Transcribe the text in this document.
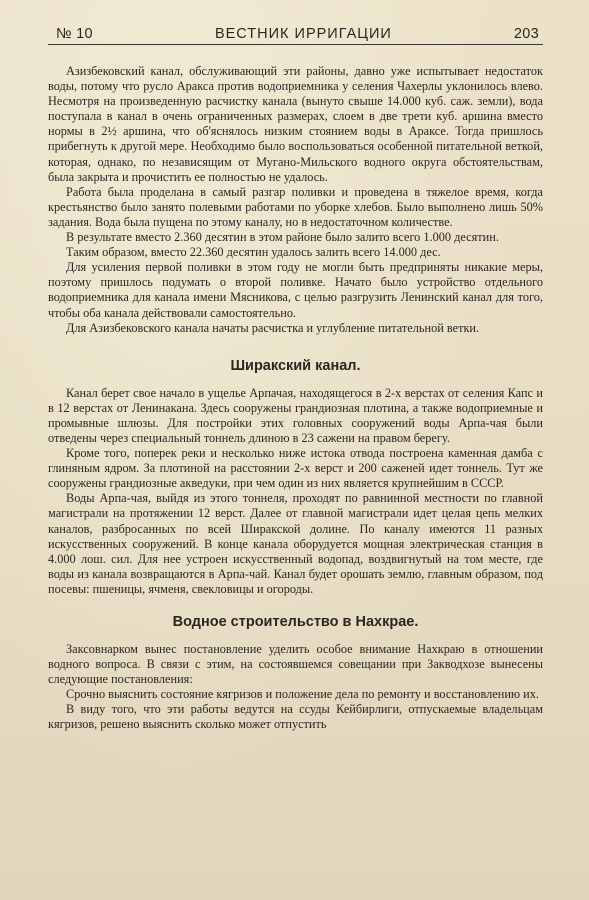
№ 10	ВЕСТНИК ИРРИГАЦИИ	203

Азизбековский канал, обслуживающий эти районы, давно уже испытывает недостаток воды, потому что русло Аракса против водоприемника у селения Чахерлы уклонилось влево. Несмотря на произведенную расчистку канала (вынуто свыше 14.000 куб. саж. земли), вода поступала в канал в очень ограниченных размерах, слоем в две трети куб. аршина вместо нормы в 2½ аршина, что об'яснялось низким стоянием воды в Араксе. Тогда пришлось прибегнуть к другой мере. Необходимо было воспользоваться особенной питательной веткой, которая, однако, по независящим от Мугано-Мильского водного округа обстоятельствам, была закрыта и прочистить ее полностью не удалось.

Работа была проделана в самый разгар поливки и проведена в тяжелое время, когда крестьянство было занято полевыми работами по уборке хлебов. Было выполнено лишь 50% задания. Вода была пущена по этому каналу, но в недостаточном количестве.

В результате вместо 2.360 десятин в этом районе было залито всего 1.000 десятин.

Таким образом, вместо 22.360 десятин удалось залить всего 14.000 дес.

Для усиления первой поливки в этом году не могли быть предприняты никакие меры, поэтому пришлось подумать о второй поливке. Начато было устройство отдельного водоприемника для канала имени Мясникова, с целью разгрузить Ленинский канал для того, чтобы оба канала действовали самостоятельно.

Для Азизбековского канала начаты расчистка и углубление питательной ветки.

Ширакский канал.

Канал берет свое начало в ущелье Арпачая, находящегося в 2-х верстах от селения Капс и в 12 верстах от Ленинакана. Здесь сооружены грандиозная плотина, а также водоприемные и промывные шлюзы. Для постройки этих головных сооружений воды Арпа-чая были отведены через специальный тоннель длиною в 23 сажени на правом берегу.

Кроме того, поперек реки и несколько ниже истока отвода построена каменная дамба с глиняным ядром. За плотиной на расстоянии 2-х верст и 200 саженей идет тоннель. Тут же сооружены грандиозные акведуки, при чем один из них является крупнейшим в СССР.

Воды Арпа-чая, выйдя из этого тоннеля, проходят по равнинной местности по главной магистрали на протяжении 12 верст. Далее от главной магистрали идет целая цепь мелких каналов, разбросанных по всей Ширакской долине. По каналу имеются 11 разных искусственных сооружений. В конце канала оборудуется мощная электрическая станция в 4.000 лош. сил. Для нее устроен искусственный водопад, воздвигнутый на том месте, где воды из канала возвращаются в Арпа-чай. Канал будет орошать землю, главным образом, под посевы: пшеницы, ячменя, свекловицы и огороды.

Водное строительство в Нахкрае.

Заксовнарком вынес постановление уделить особое внимание Нахкраю в отношении водного вопроса. В связи с этим, на состоявшемся совещании при Закводхозе вынесены следующие постановления:

Срочно выяснить состояние кягризов и положение дела по ремонту и восстановлению их.

В виду того, что эти работы ведутся на ссуды Кейбирлиги, отпускаемые владельцам кягризов, решено выяснить сколько может отпустить
